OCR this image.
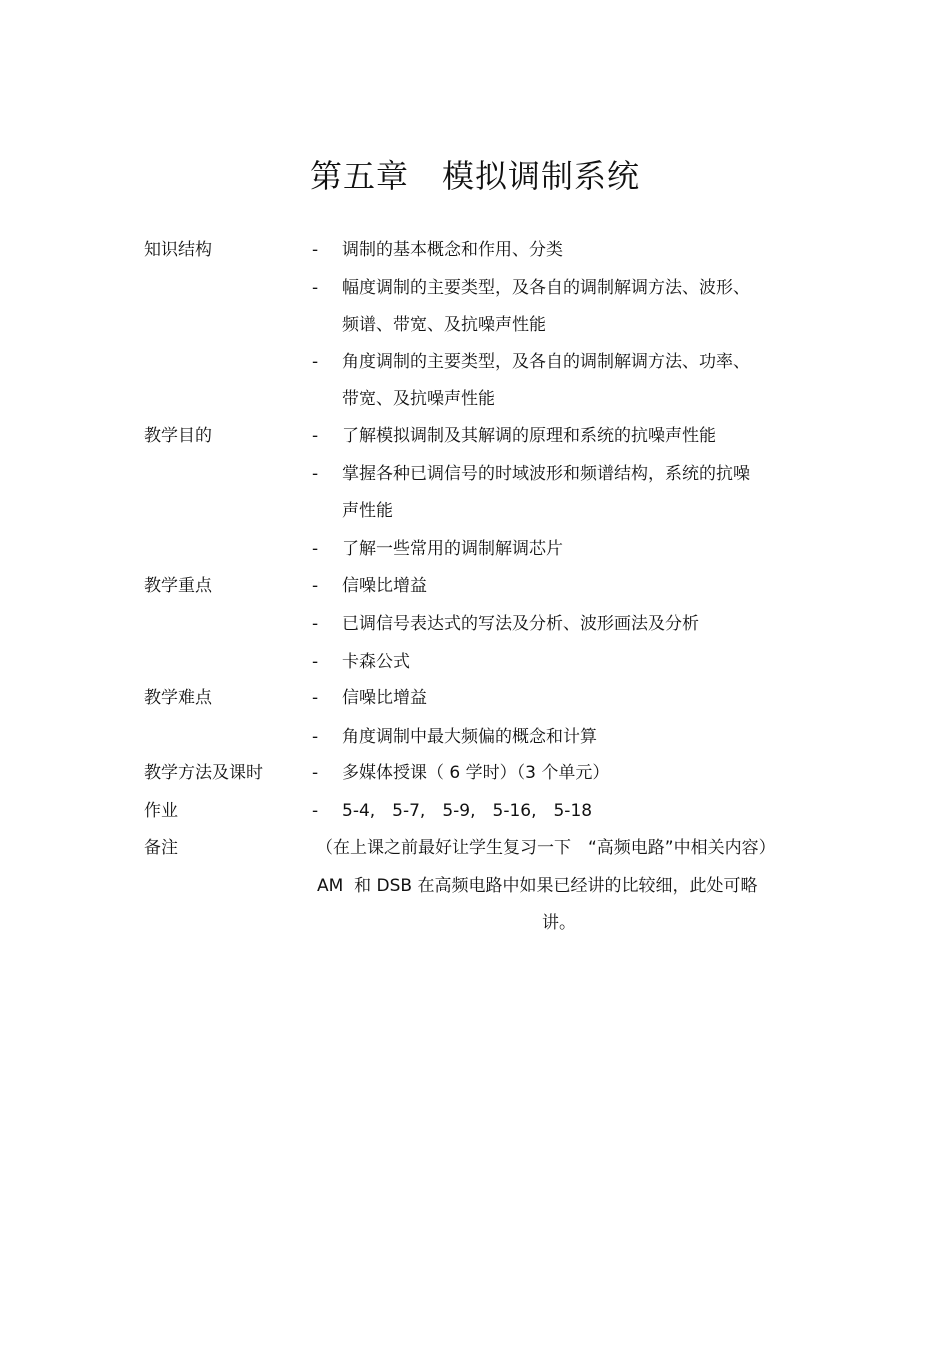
第五章　模拟调制系统
知识结构	- 调制的基本概念和作用、分类
- 幅度调制的主要类型，及各自的调制解调方法、波形、
频谱、带宽、及抗噪声性能
- 角度调制的主要类型，及各自的调制解调方法、功率、
带宽、及抗噪声性能
教学目的	- 了解模拟调制及其解调的原理和系统的抗噪声性能
- 掌握各种已调信号的时域波形和频谱结构，系统的抗噪
声性能
- 了解一些常用的调制解调芯片
教学重点	- 信噪比增益
- 已调信号表达式的写法及分析、波形画法及分析
- 卡森公式
教学难点	- 信噪比增益
- 角度调制中最大频偏的概念和计算
教学方法及课时	- 多媒体授课（ 6 学时）（3 个单元）
作业	- 5-4,　5-7,　5-9,　5-16,　5-18
备注	（在上课之前最好让学生复习一下　“高频电路”中相关内容）
AM  和 DSB 在高频电路中如果已经讲的比较细，此处可略
讲。
